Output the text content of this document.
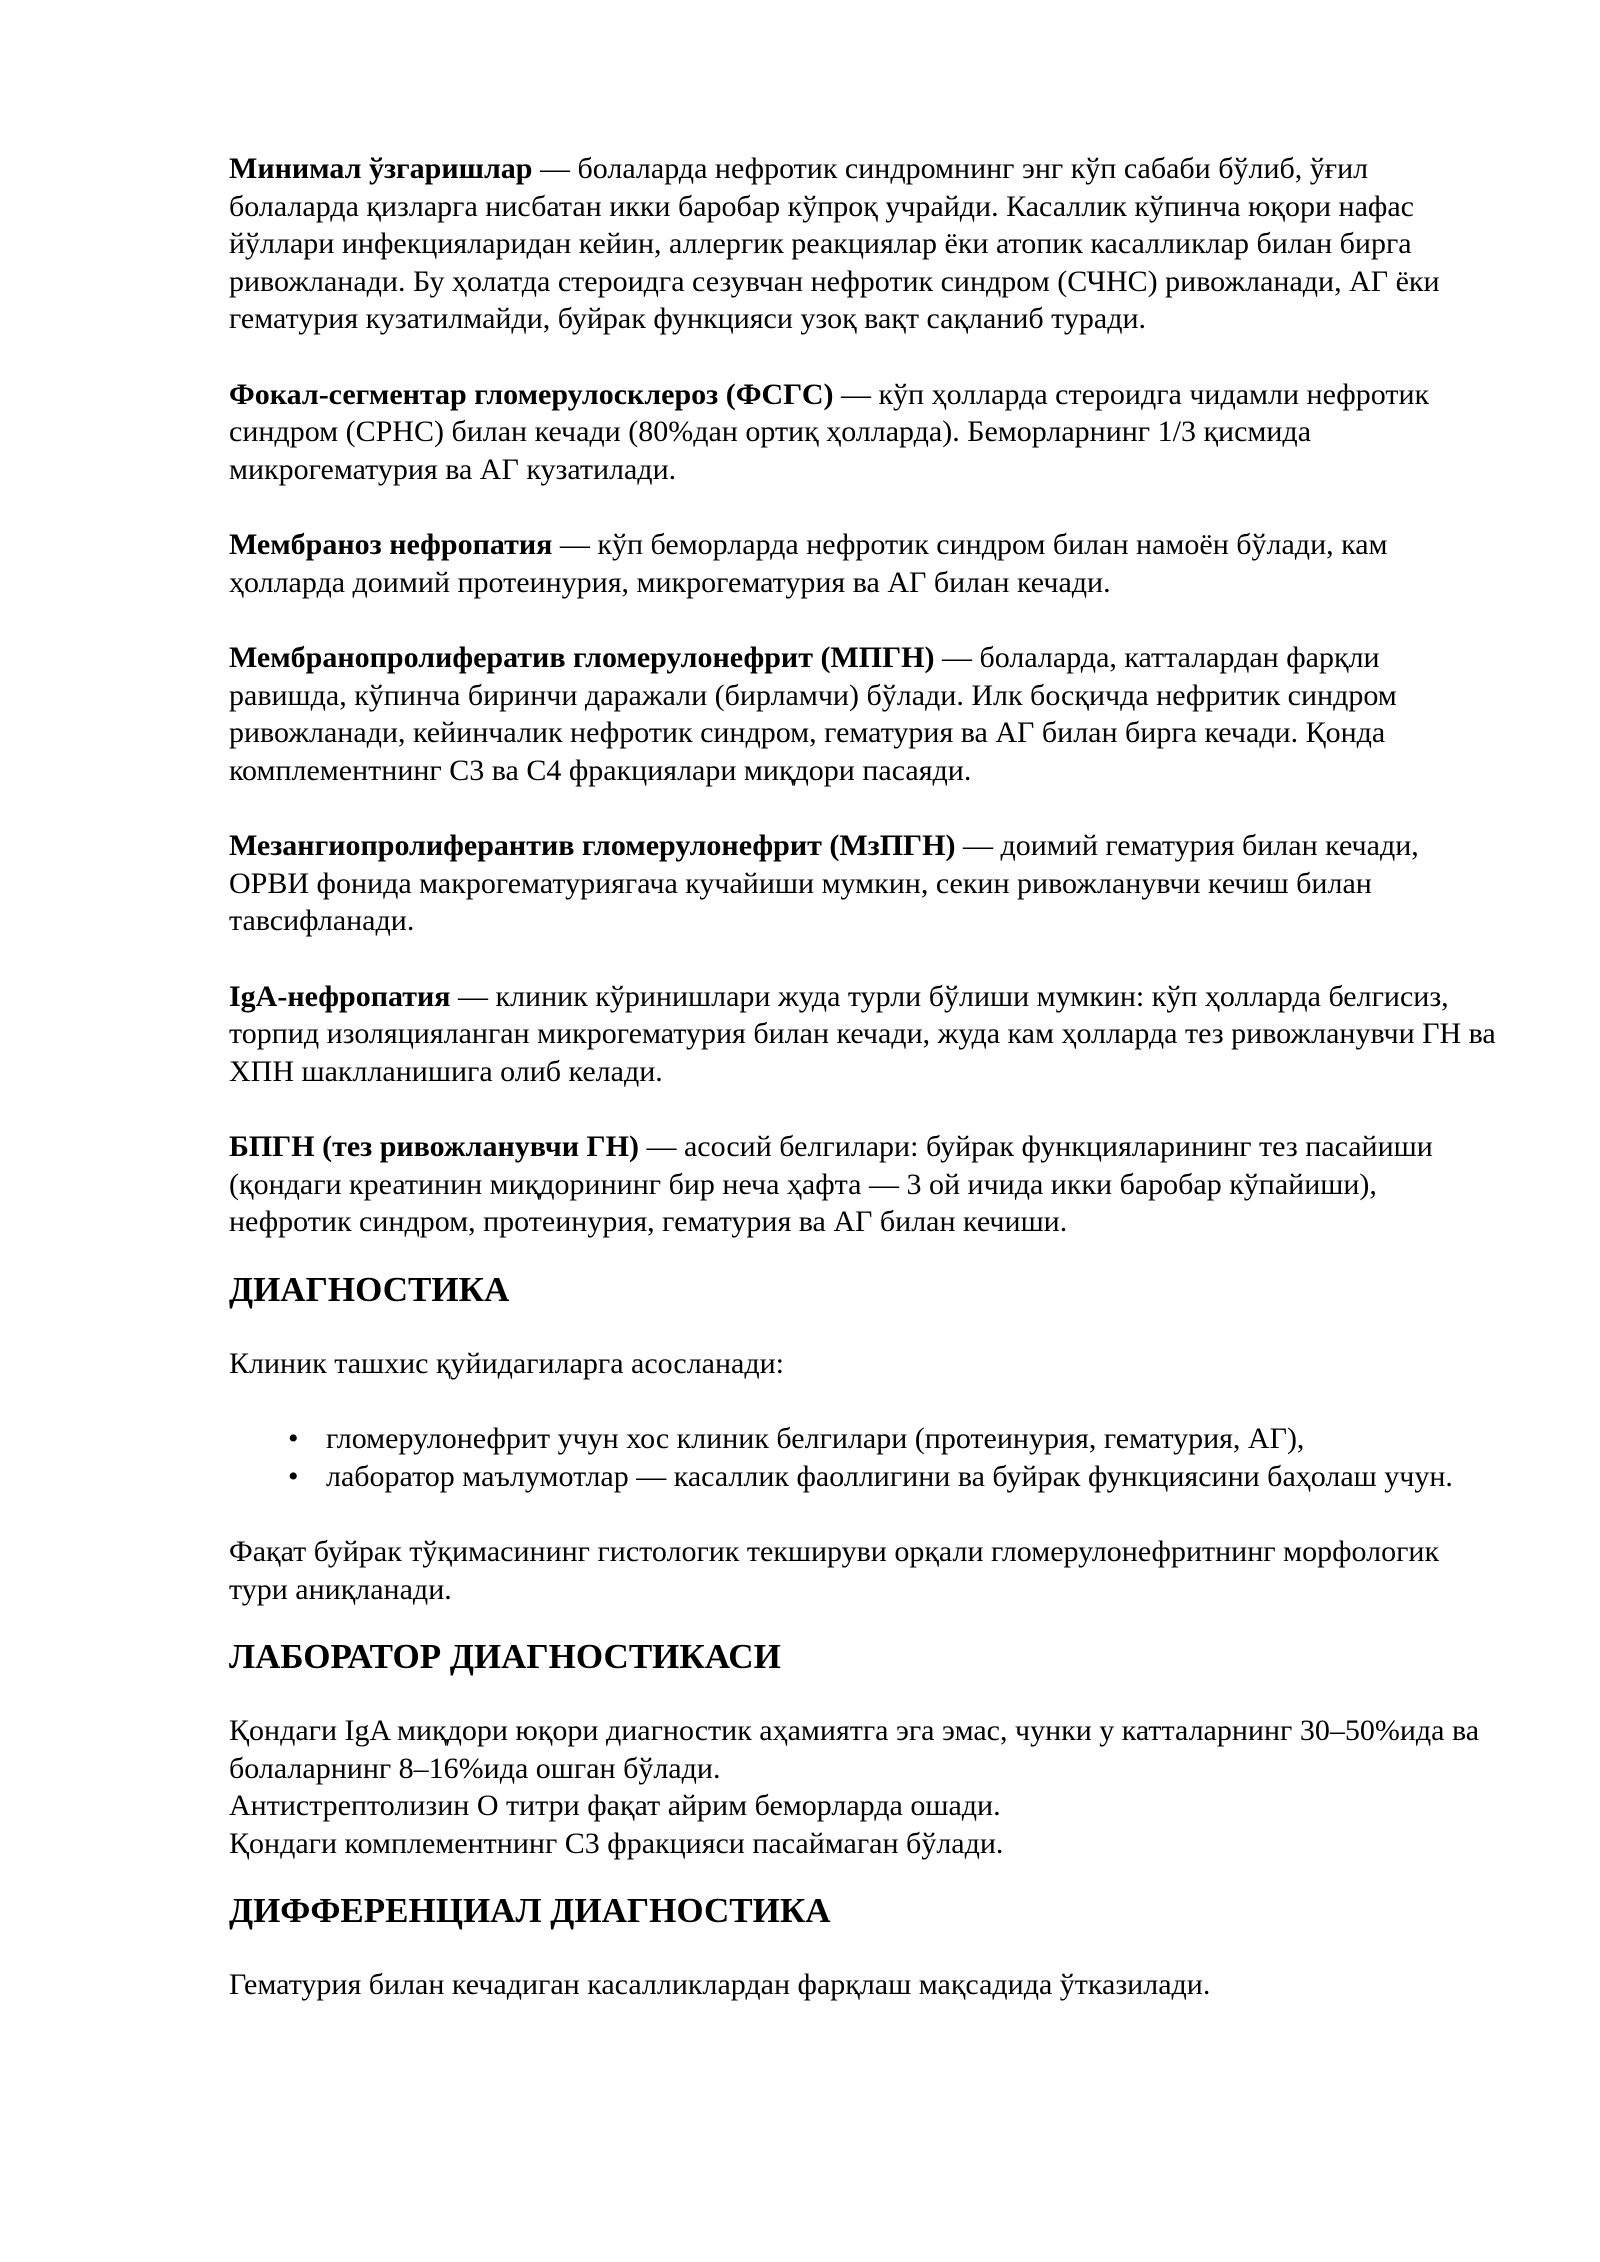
Минимал ўзгаришлар — болаларда нефротик синдромнинг энг кўп сабаби бўлиб, ўғил болаларда қизларга нисбатан икки баробар кўпроқ учрайди. Касаллик кўпинча юқори нафас йўллари инфекцияларидан кейин, аллергик реакциялар ёки атопик касалликлар билан бирга ривожланади. Бу ҳолатда стероидга сезувчан нефротик синдром (СЧНС) ривожланади, АГ ёки гематурия кузатилмайди, буйрак функцияси узоқ вақт сақланиб туради.

Фокал-сегментар гломерулосклероз (ФСГС) — кўп ҳолларда стероидга чидамли нефротик синдром (СРНС) билан кечади (80%дан ортиқ ҳолларда). Беморларнинг 1/3 қисмида микрогематурия ва АГ кузатилади.

Мембраноз нефропатия — кўп беморларда нефротик синдром билан намоён бўлади, кам ҳолларда доимий протеинурия, микрогематурия ва АГ билан кечади.

Мембранопролифератив гломерулонефрит (МПГН) — болаларда, катталардан фарқли равишда, кўпинча биринчи даражали (бирламчи) бўлади. Илк босқичда нефритик синдром ривожланади, кейинчалик нефротик синдром, гематурия ва АГ билан бирга кечади. Қонда комплементнинг С3 ва С4 фракциялари миқдори пасаяди.

Мезангиопролиферантив гломерулонефрит (МзПГН) — доимий гематурия билан кечади, ОРВИ фонида макрогематуриягача кучайиши мумкин, секин ривожланувчи кечиш билан тавсифланади.

IgA-нефропатия — клиник кўринишлари жуда турли бўлиши мумкин: кўп ҳолларда белгисиз, торпид изоляцияланган микрогематурия билан кечади, жуда кам ҳолларда тез ривожланувчи ГН ва ХПН шаклланишига олиб келади.

БПГН (тез ривожланувчи ГН) — асосий белгилари: буйрак функцияларининг тез пасайиши (қондаги креатинин миқдорининг бир неча ҳафта — 3 ой ичида икки баробар кўпайиши), нефротик синдром, протеинурия, гематурия ва АГ билан кечиши.

ДИАГНОСТИКА

Клиник ташхис қуйидагиларга асосланади:

• гломерулонефрит учун хос клиник белгилари (протеинурия, гематурия, АГ),
• лаборатор маълумотлар — касаллик фаоллигини ва буйрак функциясини баҳолаш учун.

Фақат буйрак тўқимасининг гистологик текшируви орқали гломерулонефритнинг морфологик тури аниқланади.

ЛАБОРАТОР ДИАГНОСТИКАСИ

Қондаги IgA миқдори юқори диагностик аҳамиятга эга эмас, чунки у катталарнинг 30–50%ида ва болаларнинг 8–16%ида ошган бўлади.
Антистрептолизин О титри фақат айрим беморларда ошади.
Қондаги комплементнинг С3 фракцияси пасаймаган бўлади.

ДИФФЕРЕНЦИАЛ ДИАГНОСТИКА

Гематурия билан кечадиган касалликлардан фарқлаш мақсадида ўтказилади.
